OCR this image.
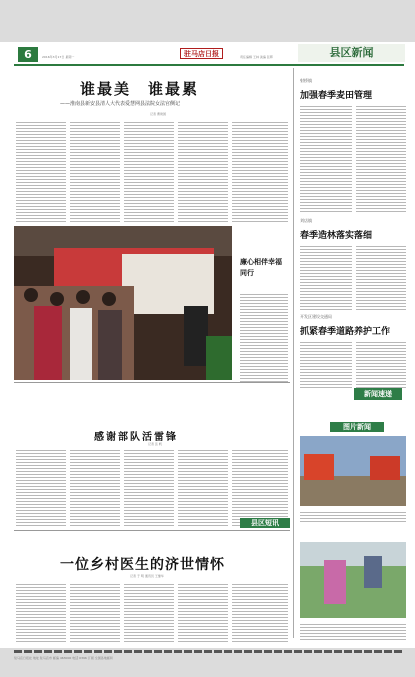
6	2016年3月17日 星期一	驻马店日报	责任编辑 王林 美编 张辉	县区新闻
谁最美　谁最累
——淮南县新安县清人大代表爱慧网县法院女法官侧记
记者 曹建国
廉心相伴幸福同行
感谢部队活雷锋
记者 张 帆
一位乡村医生的济世情怀
记者 于 明 通讯员 王继华
射桥镇
加强春季麦田管理
刘店镇
春季造林落实落细
开发区建设交通局
抓紧春季道路养护工作
新闻速递
图片新闻
县区短讯
驻马店日报社 地址 驻马店市 邮编 463000 电话 0396 订阅 全国各地邮局
